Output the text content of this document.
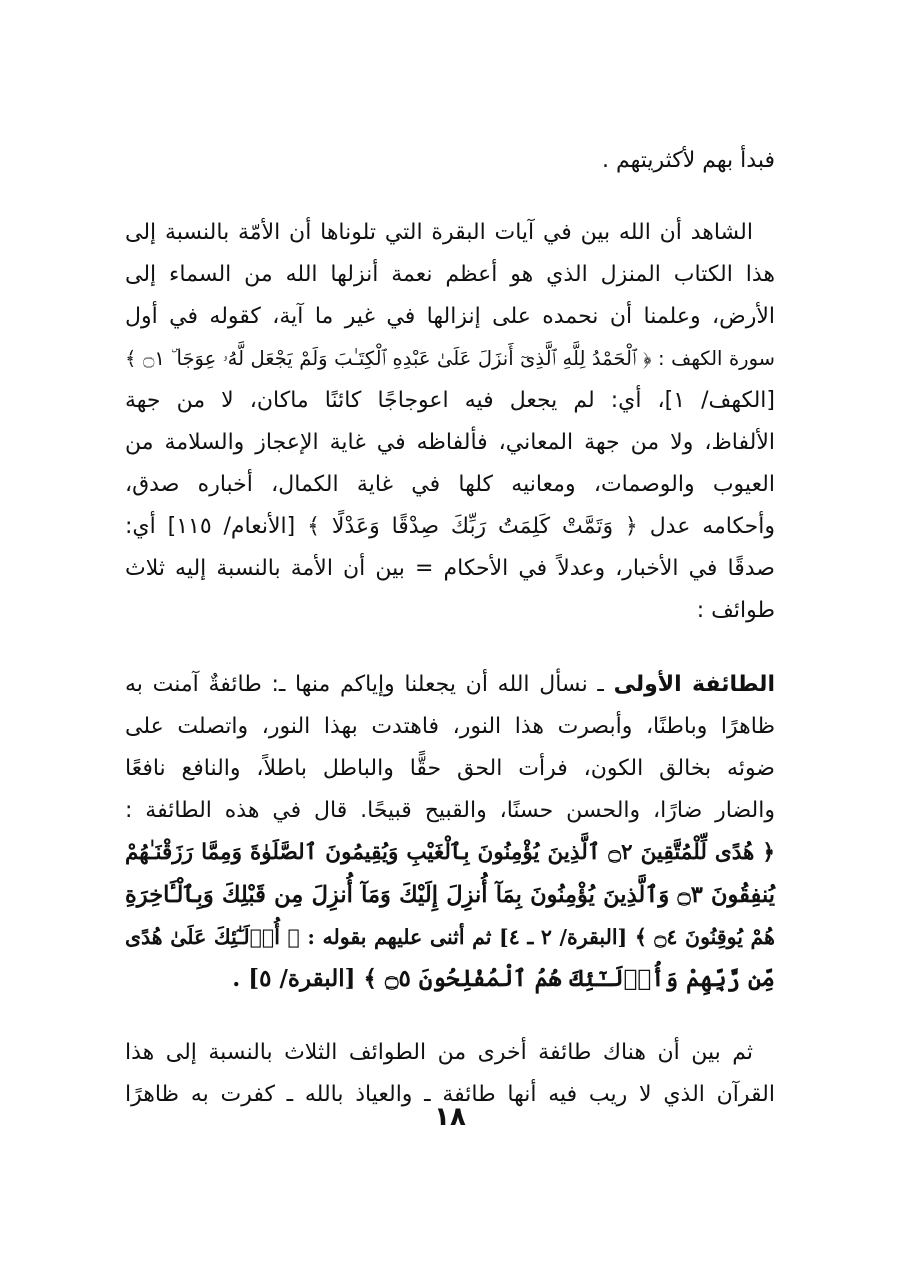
فبدأ بهم لأكثريتهم .

الشاهد أن الله بين في آيات البقرة التي تلوناها أن الأمّة بالنسبة إلى
هذا الكتاب المنزل الذي هو أعظم نعمة أنزلها الله من السماء إلى
الأرض، وعلمنا أن نحمده على إنزالها في غير ما آية، كقوله في أول
سورة الكهف : ﴿ ٱلْحَمْدُ لِلَّهِ ٱلَّذِىٓ أَنزَلَ عَلَىٰ عَبْدِهِ ٱلْكِتَـٰبَ وَلَمْ يَجْعَل لَّهُۥ عِوَجَا ۜ ۝١ ﴾
[الكهف/ ١]، أي: لم يجعل فيه اعوجاجًا كائنًا ماكان، لا من جهة
الألفاظ، ولا من جهة المعاني، فألفاظه في غاية الإعجاز والسلامة من
العيوب والوصمات، ومعانيه كلها في غاية الكمال، أخباره صدق،
وأحكامه عدل ﴿ وَتَمَّتْ كَلِمَتُ رَبِّكَ صِدْقًا وَعَدْلًا ﴾ [الأنعام/ ١١٥] أي:
صدقًا في الأخبار، وعدلاً في الأحكام = بين أن الأمة بالنسبة إليه ثلاث
طوائف :

الطائفة الأولى ـ نسأل الله أن يجعلنا وإياكم منها ـ: طائفةٌ آمنت به
ظاهرًا وباطنًا، وأبصرت هذا النور، فاهتدت بهذا النور، واتصلت على
ضوئه بخالق الكون، فرأت الحق حقًّا والباطل باطلاً، والنافع نافعًا
والضار ضارًا، والحسن حسنًا، والقبيح قبيحًا. قال في هذه الطائفة :
﴿ هُدًى لِّلْمُتَّقِينَ ۝٢ ٱلَّذِينَ يُؤْمِنُونَ بِٱلْغَيْبِ وَيُقِيمُونَ ٱلصَّلَوٰةَ وَمِمَّا رَزَقْنَـٰهُمْ
يُنفِقُونَ ۝٣ وَٱلَّذِينَ يُؤْمِنُونَ بِمَآ أُنزِلَ إِلَيْكَ وَمَآ أُنزِلَ مِن قَبْلِكَ وَبِٱلْـَٔاخِرَةِ
هُمْ يُوقِنُونَ ۝٤ ﴾ [البقرة/ ٢ ـ ٤] ثم أثنى عليهم بقوله : ﴿ أُو۟لَـٰٓئِكَ عَلَىٰ هُدًى
مِّن رَّبِّهِمْ وَأُو۟لَـٰٓئِكَ هُمُ ٱلْمُفْلِحُونَ ۝٥ ﴾ [البقرة/ ٥] .

ثم بين أن هناك طائفة أخرى من الطوائف الثلاث بالنسبة إلى هذا
القرآن الذي لا ريب فيه أنها طائفة ـ والعياذ بالله ـ كفرت به ظاهرًا

١٨
